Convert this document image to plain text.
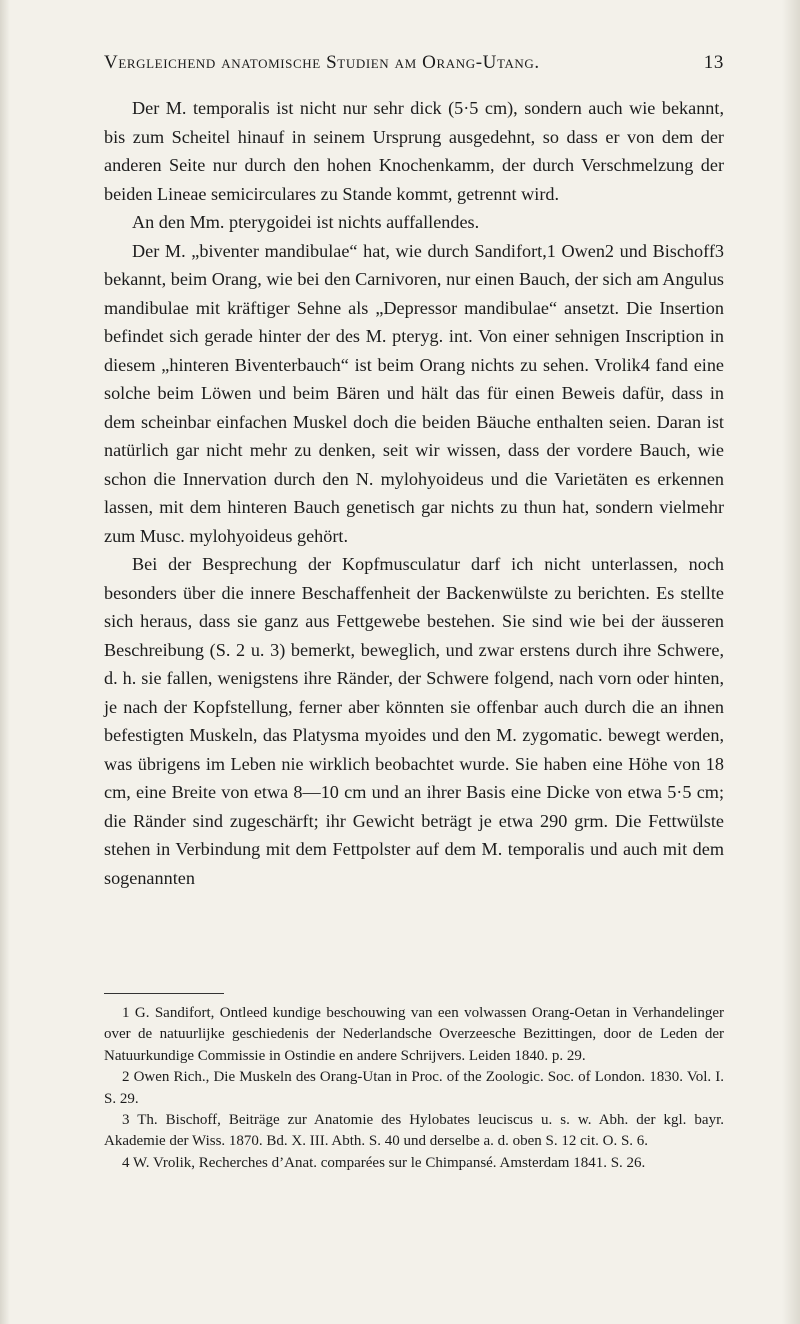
Vergleichend anatomische Studien am Orang-Utang.	13

Der M. temporalis ist nicht nur sehr dick (5·5 cm), sondern auch wie bekannt, bis zum Scheitel hinauf in seinem Ursprung ausgedehnt, so dass er von dem der anderen Seite nur durch den hohen Knochenkamm, der durch Verschmelzung der beiden Lineae semicirculares zu Stande kommt, getrennt wird.

An den Mm. pterygoidei ist nichts auffallendes.

Der M. „biventer mandibulae“ hat, wie durch Sandifort,1 Owen2 und Bischoff3 bekannt, beim Orang, wie bei den Carnivoren, nur einen Bauch, der sich am Angulus mandibulae mit kräftiger Sehne als „Depressor mandibulae“ ansetzt. Die Insertion befindet sich gerade hinter der des M. pteryg. int. Von einer sehnigen Inscription in diesem „hinteren Biventerbauch“ ist beim Orang nichts zu sehen. Vrolik4 fand eine solche beim Löwen und beim Bären und hält das für einen Beweis dafür, dass in dem scheinbar einfachen Muskel doch die beiden Bäuche enthalten seien. Daran ist natürlich gar nicht mehr zu denken, seit wir wissen, dass der vordere Bauch, wie schon die Innervation durch den N. mylohyoideus und die Varietäten es erkennen lassen, mit dem hinteren Bauch genetisch gar nichts zu thun hat, sondern vielmehr zum Musc. mylohyoideus gehört.

Bei der Besprechung der Kopfmusculatur darf ich nicht unterlassen, noch besonders über die innere Beschaffenheit der Backenwülste zu berichten. Es stellte sich heraus, dass sie ganz aus Fettgewebe bestehen. Sie sind wie bei der äusseren Beschreibung (S. 2 u. 3) bemerkt, beweglich, und zwar erstens durch ihre Schwere, d. h. sie fallen, wenigstens ihre Ränder, der Schwere folgend, nach vorn oder hinten, je nach der Kopfstellung, ferner aber könnten sie offenbar auch durch die an ihnen befestigten Muskeln, das Platysma myoides und den M. zygomatic. bewegt werden, was übrigens im Leben nie wirklich beobachtet wurde. Sie haben eine Höhe von 18 cm, eine Breite von etwa 8—10 cm und an ihrer Basis eine Dicke von etwa 5·5 cm; die Ränder sind zugeschärft; ihr Gewicht beträgt je etwa 290 grm. Die Fettwülste stehen in Verbindung mit dem Fettpolster auf dem M. temporalis und auch mit dem sogenannten

1 G. Sandifort, Ontleed kundige beschouwing van een volwassen Orang-Oetan in Verhandelinger over de natuurlijke geschiedenis der Nederlandsche Overzeesche Bezittingen, door de Leden der Natuurkundige Commissie in Ostindie en andere Schrijvers. Leiden 1840. p. 29.

2 Owen Rich., Die Muskeln des Orang-Utan in Proc. of the Zoologic. Soc. of London. 1830. Vol. I. S. 29.

3 Th. Bischoff, Beiträge zur Anatomie des Hylobates leuciscus u. s. w. Abh. der kgl. bayr. Akademie der Wiss. 1870. Bd. X. III. Abth. S. 40 und derselbe a. d. oben S. 12 cit. O. S. 6.

4 W. Vrolik, Recherches d’Anat. comparées sur le Chimpansé. Amsterdam 1841. S. 26.
